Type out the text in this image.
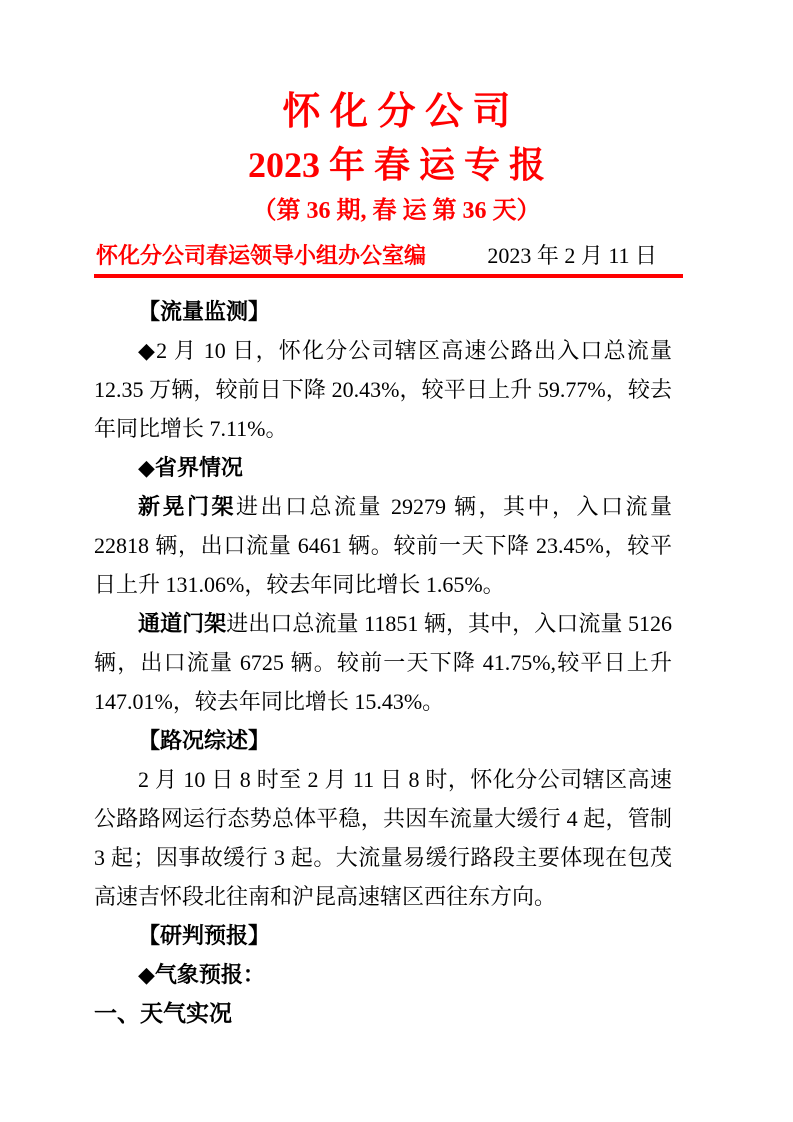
怀 化 分 公 司
2023 年 春 运 专 报
（第 36 期, 春 运 第 36 天）
怀化分公司春运领导小组办公室编	2023 年 2 月 11 日

【流量监测】

◆2 月 10 日，怀化分公司辖区高速公路出入口总流量 12.35 万辆，较前日下降 20.43%，较平日上升 59.77%，较去年同比增长 7.11%。

◆省界情况

新晃门架进出口总流量 29279 辆，其中，入口流量 22818 辆，出口流量 6461 辆。较前一天下降 23.45%，较平日上升 131.06%，较去年同比增长 1.65%。

通道门架进出口总流量 11851 辆，其中，入口流量 5126 辆，出口流量 6725 辆。较前一天下降 41.75%,较平日上升 147.01%，较去年同比增长 15.43%。

【路况综述】

2 月 10 日 8 时至 2 月 11 日 8 时，怀化分公司辖区高速公路路网运行态势总体平稳，共因车流量大缓行 4 起，管制 3 起；因事故缓行 3 起。大流量易缓行路段主要体现在包茂高速吉怀段北往南和沪昆高速辖区西往东方向。

【研判预报】

◆气象预报：

一、天气实况
